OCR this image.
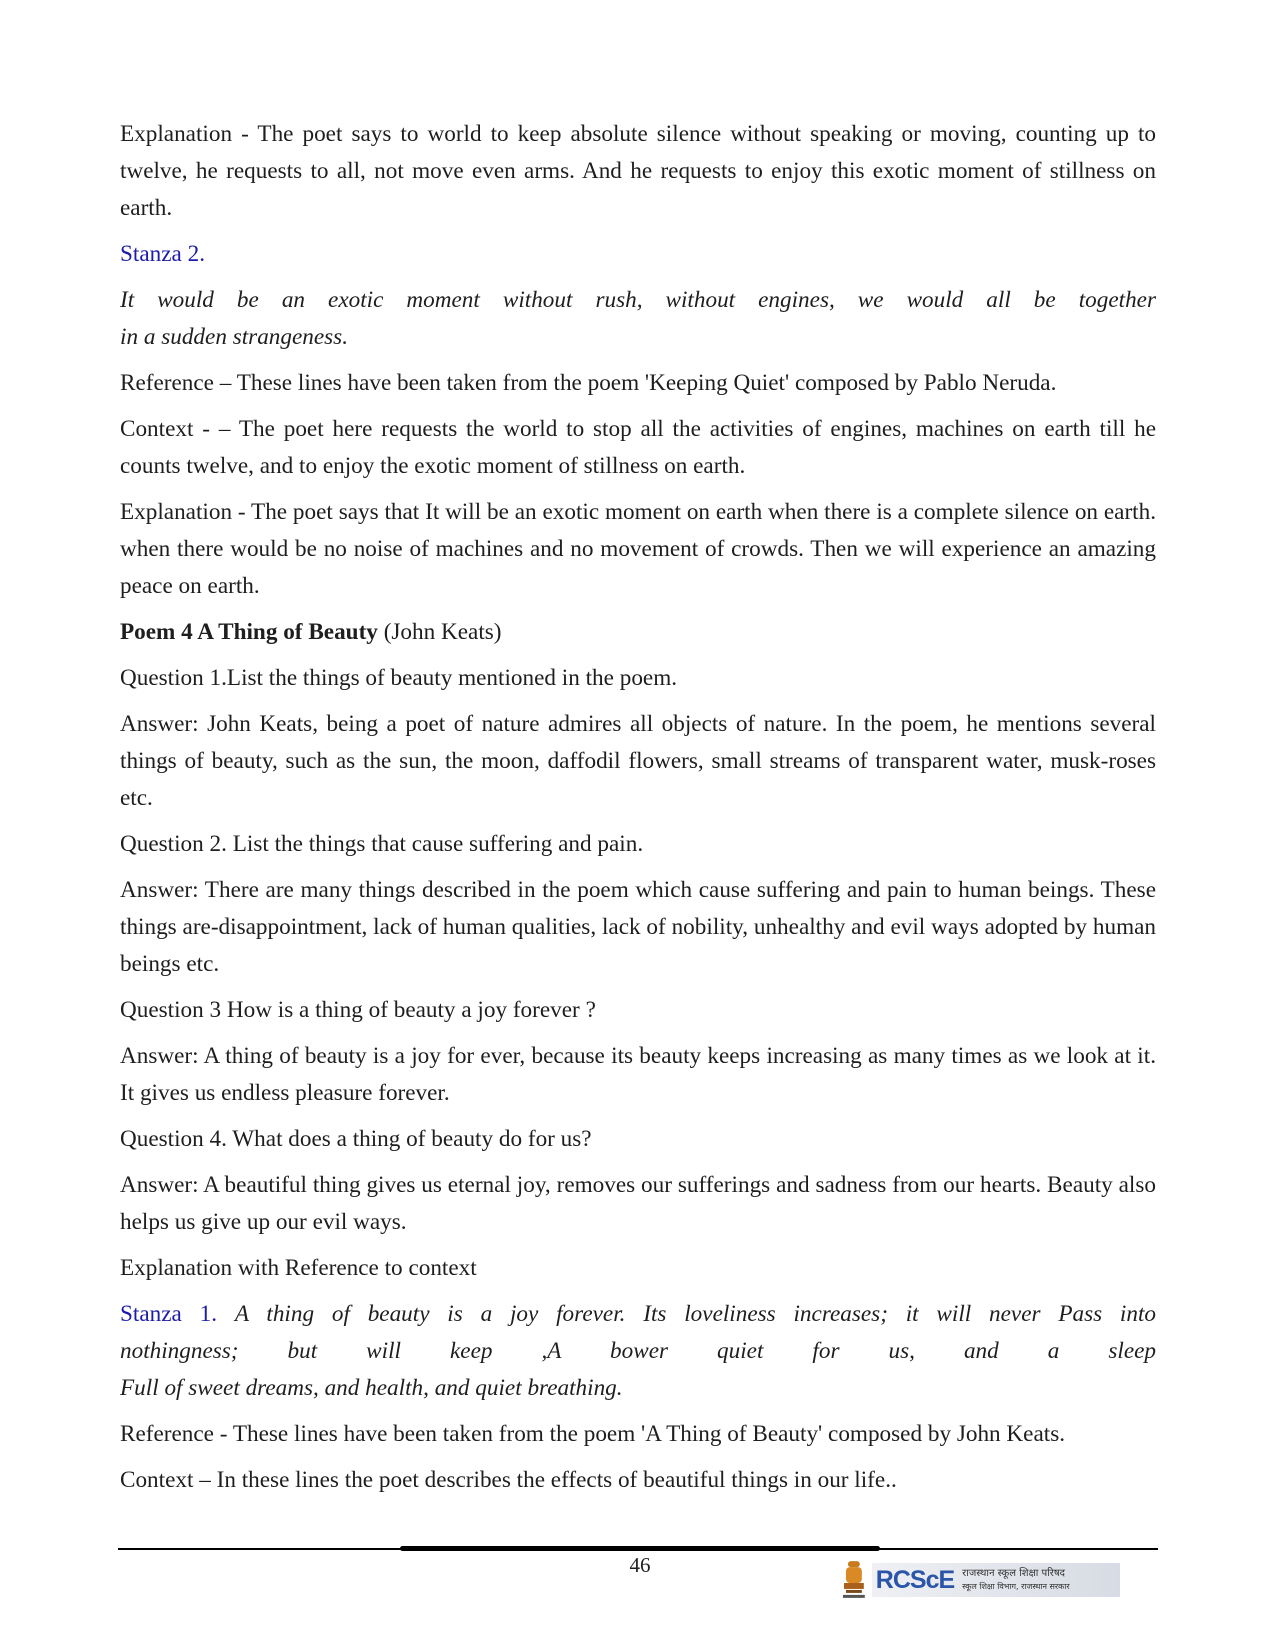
Explanation - The poet says to world to keep absolute silence without speaking or moving, counting up to twelve, he requests to all, not move even arms. And he requests to enjoy this exotic moment of stillness on earth.

Stanza 2.

It would be an exotic moment without rush, without engines, we would all be together
in a sudden strangeness.

Reference – These lines have been taken from the poem 'Keeping Quiet' composed by Pablo Neruda.

Context - – The poet here requests the world to stop all the activities of engines, machines on earth till he counts twelve, and to enjoy the exotic moment of stillness on earth.

Explanation - The poet says that It will be an exotic moment on earth when there is a complete silence on earth. when there would be no noise of machines and no movement of crowds. Then we will experience an amazing peace on earth.

Poem 4 A Thing of Beauty (John Keats)

Question 1.List the things of beauty mentioned in the poem.

Answer: John Keats, being a poet of nature admires all objects of nature. In the poem, he mentions several things of beauty, such as the sun, the moon, daffodil flowers, small streams of transparent water, musk-roses etc.

Question 2. List the things that cause suffering and pain.

Answer: There are many things described in the poem which cause suffering and pain to human beings. These things are-disappointment, lack of human qualities, lack of nobility, unhealthy and evil ways adopted by human beings etc.

Question 3 How is a thing of beauty a joy forever ?

Answer: A thing of beauty is a joy for ever, because its beauty keeps increasing as many times as we look at it. It gives us endless pleasure forever.

Question 4. What does a thing of beauty do for us?

Answer: A beautiful thing gives us eternal joy, removes our sufferings and sadness from our hearts. Beauty also helps us give up our evil ways.

Explanation with Reference to context

Stanza 1. A thing of beauty is a joy forever. Its loveliness increases; it will never Pass into
nothingness; but will keep ,A bower quiet for us, and a sleep
Full of sweet dreams, and health, and quiet breathing.

Reference - These lines have been taken from the poem 'A Thing of Beauty' composed by John Keats.

Context – In these lines the poet describes the effects of beautiful things in our life..

46
RCScE राजस्थान स्कूल शिक्षा परिषद
स्कूल शिक्षा विभाग, राजस्थान सरकार
